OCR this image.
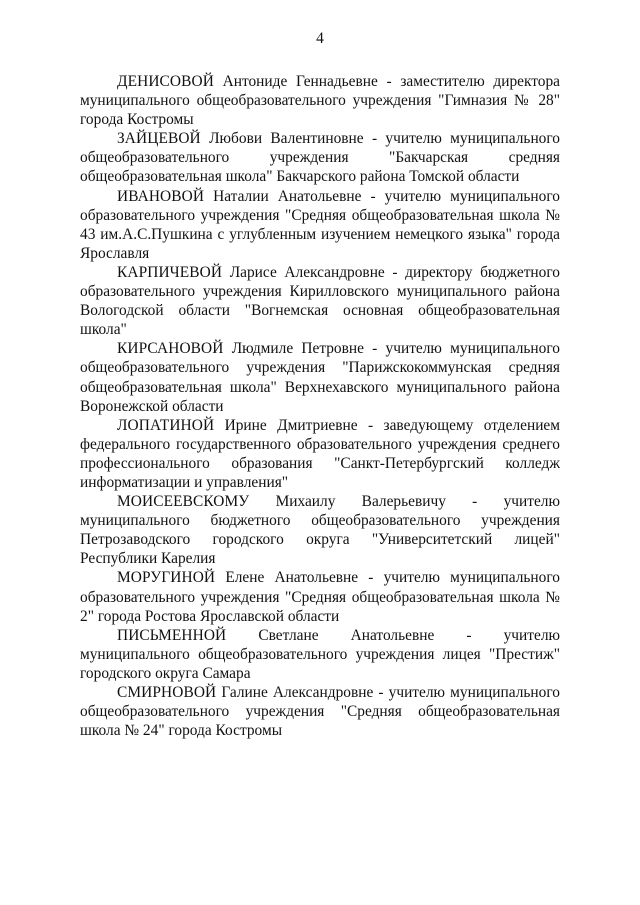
4

ДЕНИСОВОЙ Антониде Геннадьевне - заместителю директора муниципального общеобразовательного учреждения "Гимназия № 28" города Костромы

ЗАЙЦЕВОЙ Любови Валентиновне - учителю муниципального общеобразовательного учреждения "Бакчарская средняя общеобразовательная школа" Бакчарского района Томской области

ИВАНОВОЙ Наталии Анатольевне - учителю муниципального образовательного учреждения "Средняя общеобразовательная школа № 43 им.А.С.Пушкина с углубленным изучением немецкого языка" города Ярославля

КАРПИЧЕВОЙ Ларисе Александровне - директору бюджетного образовательного учреждения Кирилловского муниципального района Вологодской области "Вогнемская основная общеобразовательная школа"

КИРСАНОВОЙ Людмиле Петровне - учителю муниципального общеобразовательного учреждения "Парижскокоммунская средняя общеобразовательная школа" Верхнехавского муниципального района Воронежской области

ЛОПАТИНОЙ Ирине Дмитриевне - заведующему отделением федерального государственного образовательного учреждения среднего профессионального образования "Санкт-Петербургский колледж информатизации и управления"

МОИСЕЕВСКОМУ Михаилу Валерьевичу - учителю муниципального бюджетного общеобразовательного учреждения Петрозаводского городского округа "Университетский лицей" Республики Карелия

МОРУГИНОЙ Елене Анатольевне - учителю муниципального образовательного учреждения "Средняя общеобразовательная школа № 2" города Ростова Ярославской области

ПИСЬМЕННОЙ Светлане Анатольевне - учителю муниципального общеобразовательного учреждения лицея "Престиж" городского округа Самара

СМИРНОВОЙ Галине Александровне - учителю муниципального общеобразовательного учреждения "Средняя общеобразовательная школа № 24" города Костромы
